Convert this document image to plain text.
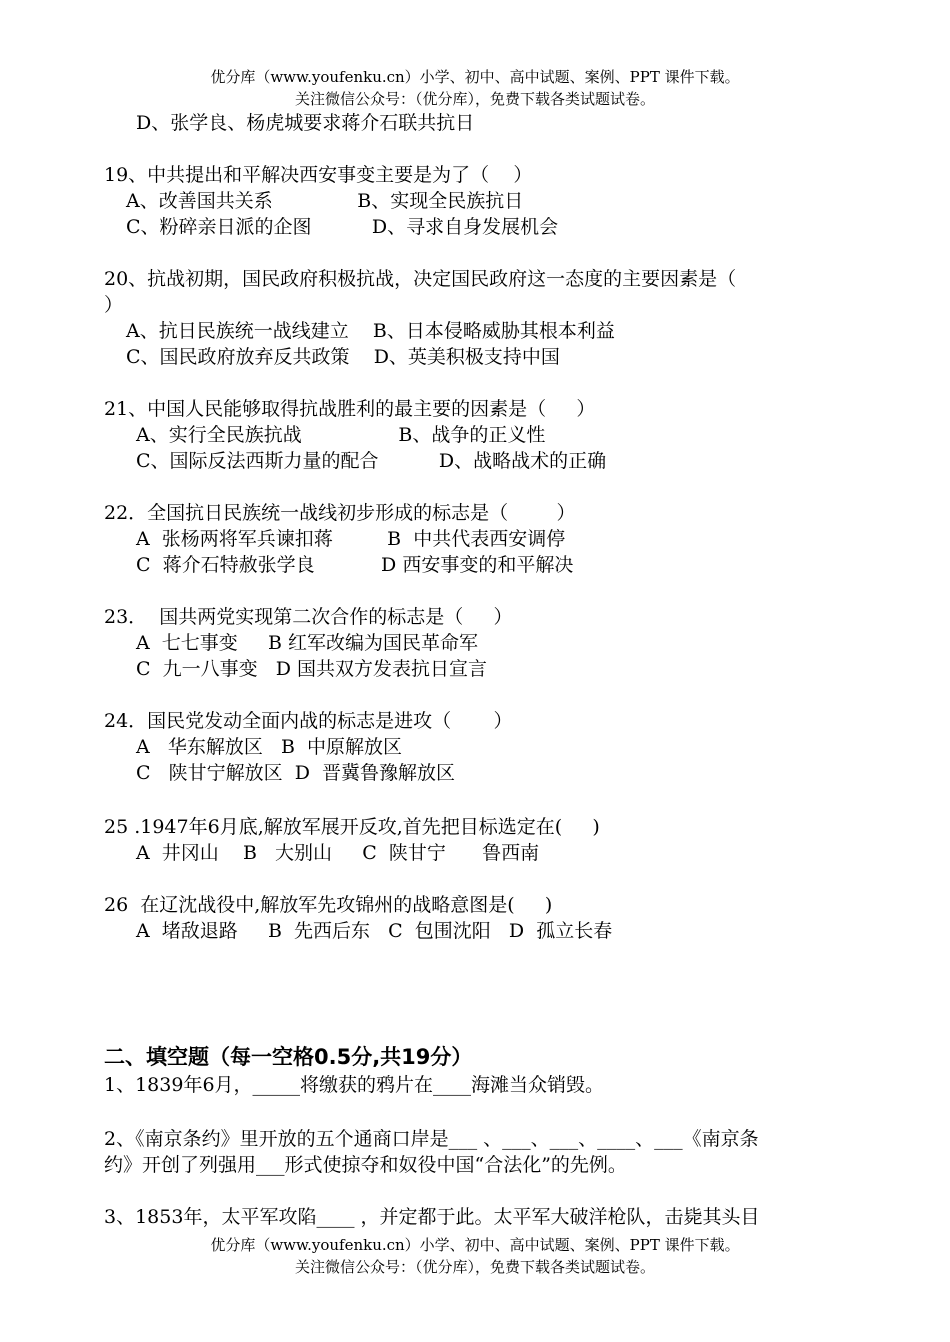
优分库（www.youfenku.cn）小学、初中、高中试题、案例、PPT 课件下载。
关注微信公众号：（优分库），免费下载各类试题试卷。
D、张学良、杨虎城要求蒋介石联共抗日
19、中共提出和平解决西安事变主要是为了（    ）
A、改善国共关系              B、实现全民族抗日
C、粉碎亲日派的企图          D、寻求自身发展机会
20、抗战初期，国民政府积极抗战，决定国民政府这一态度的主要因素是（
）
A、抗日民族统一战线建立    B、日本侵略威胁其根本利益
C、国民政府放弃反共政策    D、英美积极支持中国
21、中国人民能够取得抗战胜利的最主要的因素是（     ）
A、实行全民族抗战                B、战争的正义性
C、国际反法西斯力量的配合          D、战略战术的正确
22．全国抗日民族统一战线初步形成的标志是（        ）
A  张杨两将军兵谏扣蒋         B  中共代表西安调停
C  蒋介石特赦张学良           D 西安事变的和平解决
23．  国共两党实现第二次合作的标志是（     ）
A  七七事变     B 红军改编为国民革命军
C  九一八事变   D 国共双方发表抗日宣言
24．国民党发动全面内战的标志是进攻（       ）
A   华东解放区   B  中原解放区
C   陕甘宁解放区  D  晋冀鲁豫解放区
25 .1947年6月底,解放军展开反攻,首先把目标选定在(     )
A  井冈山    B   大别山     C  陕甘宁      鲁西南
26  在辽沈战役中,解放军先攻锦州的战略意图是(     )
A  堵敌退路     B  先西后东   C  包围沈阳   D  孤立长春
二、填空题（每一空格0.5分,共19分）
1、1839年6月，_____将缴获的鸦片在____海滩当众销毁。
2、《南京条约》里开放的五个通商口岸是___ 、___、___、____、___《南京条
约》开创了列强用___形式使掠夺和奴役中国“合法化”的先例。
3、1853年，太平军攻陷____ ，并定都于此。太平军大破洋枪队，击毙其头目
优分库（www.youfenku.cn）小学、初中、高中试题、案例、PPT 课件下载。
关注微信公众号：（优分库），免费下载各类试题试卷。
